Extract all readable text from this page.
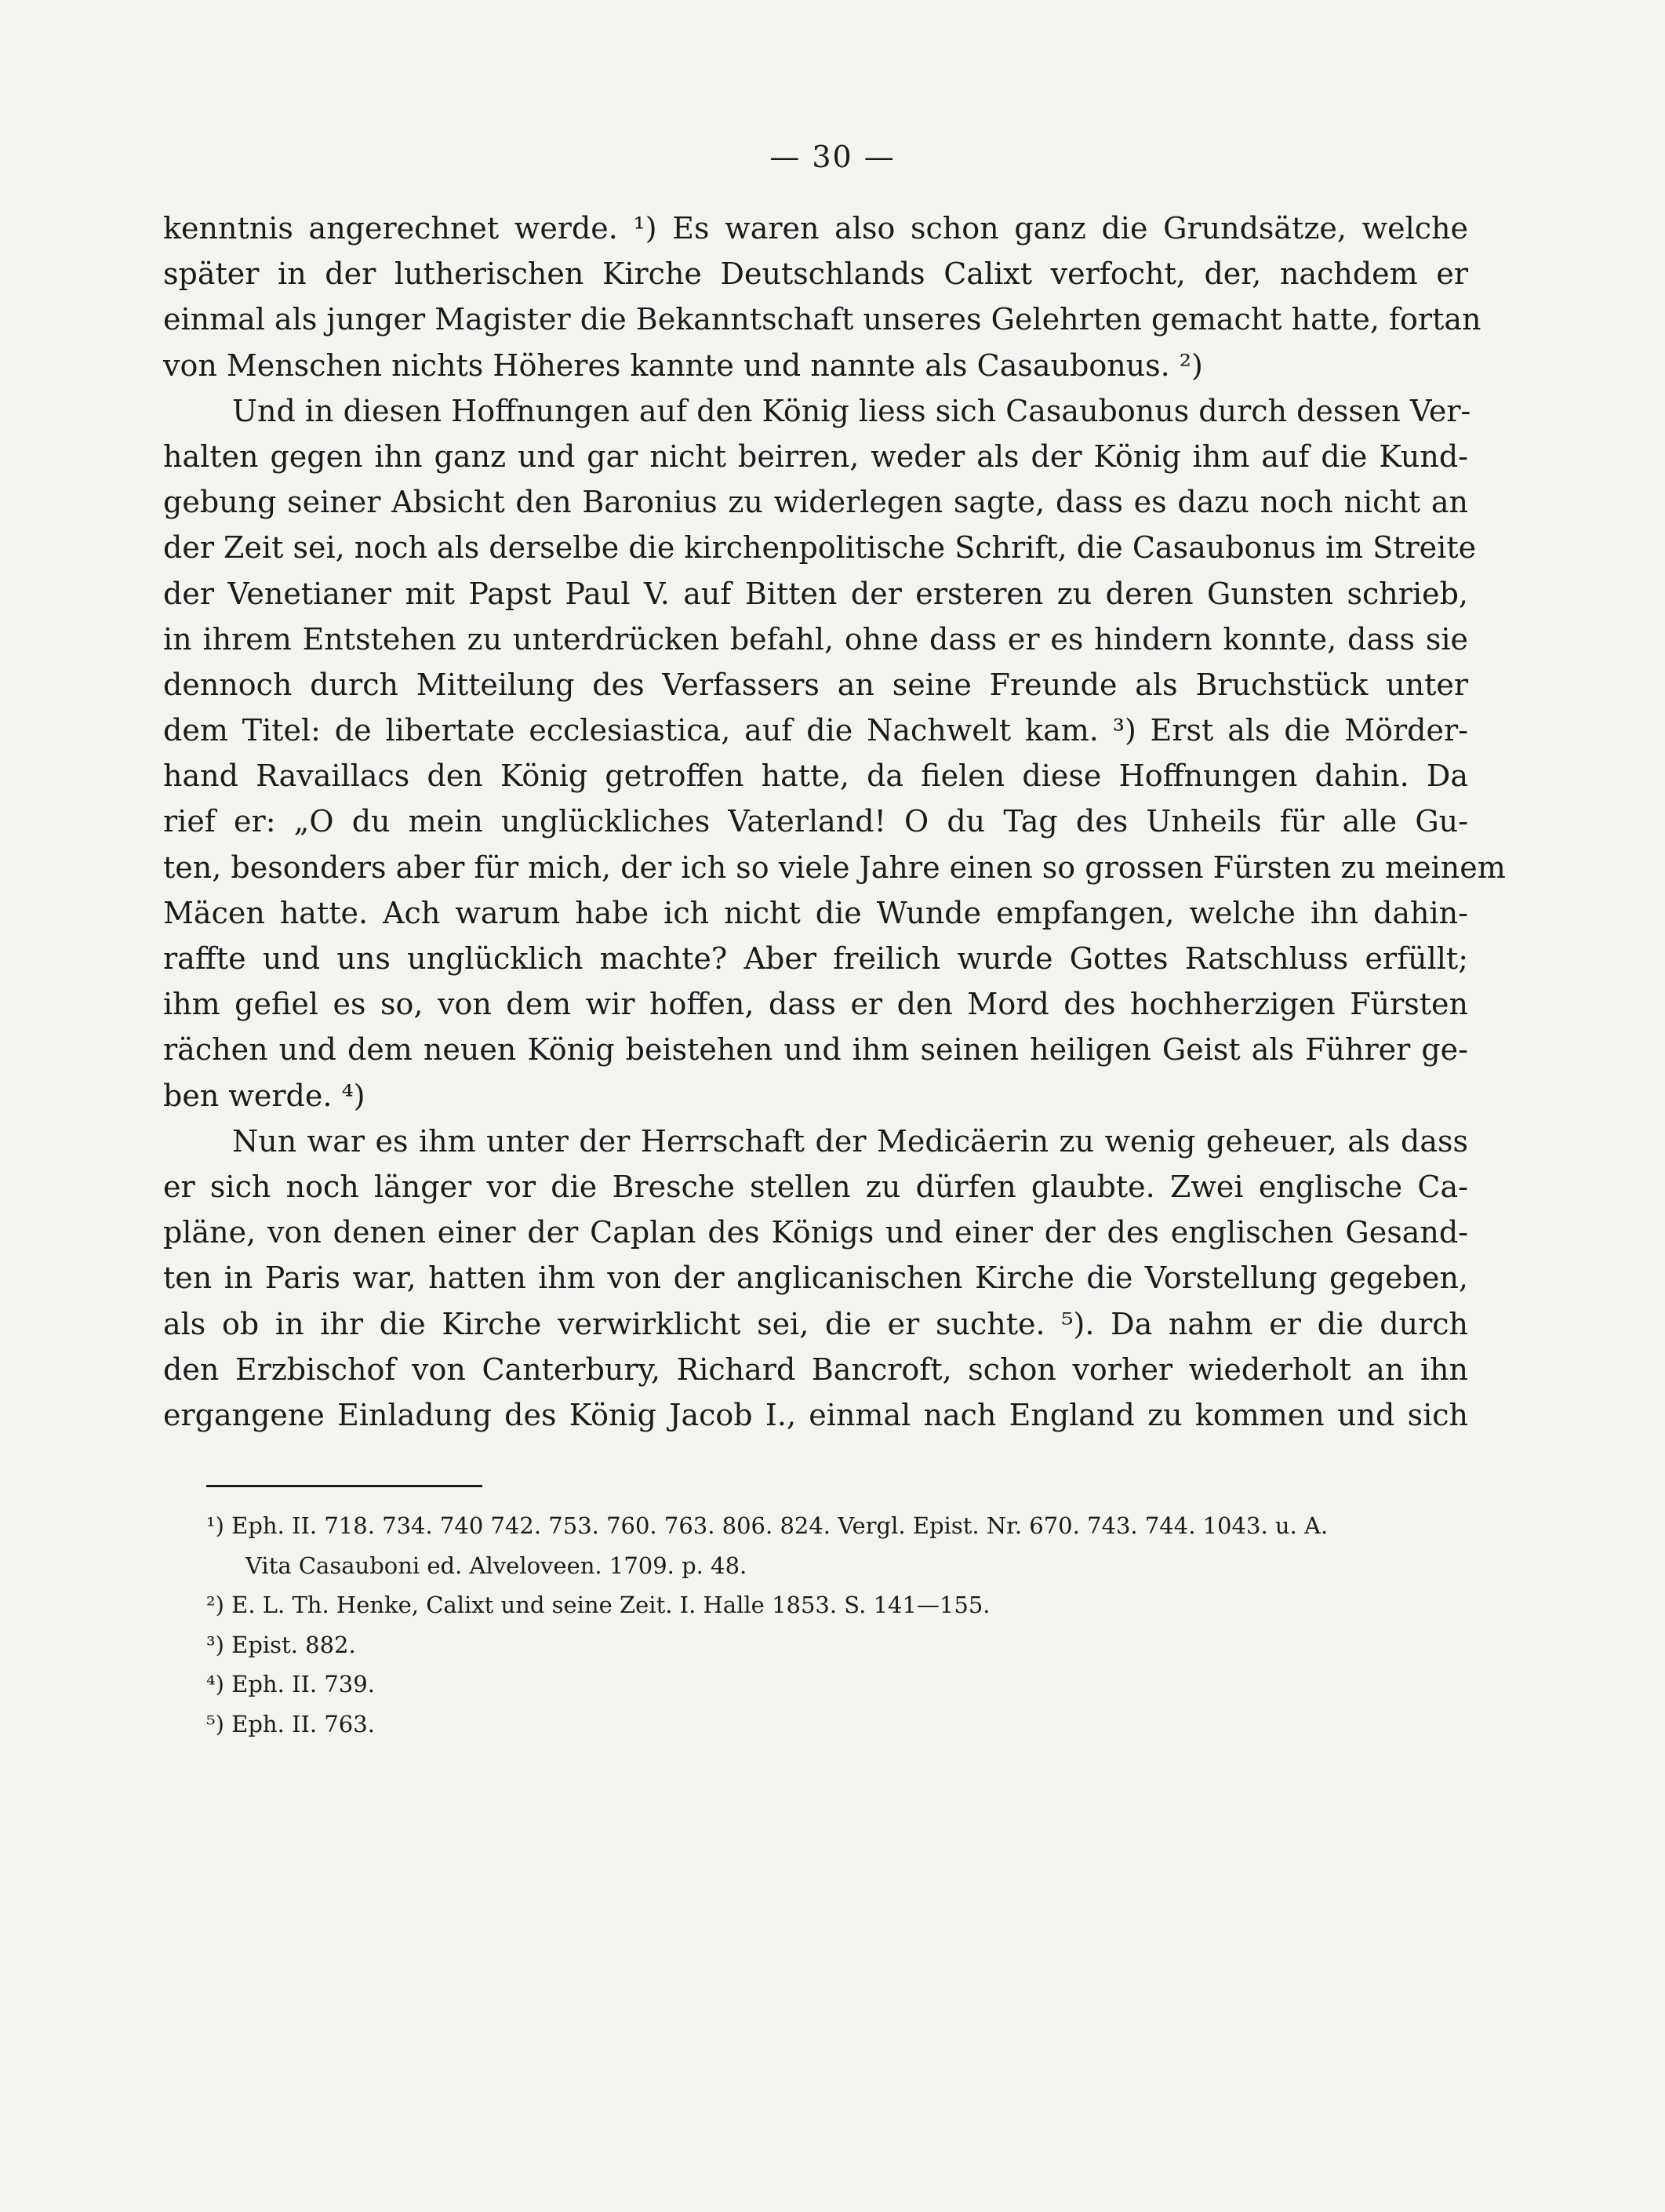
— 30 —
kenntnis angerechnet werde. ¹) Es waren also schon ganz die Grundsätze, welche
später in der lutherischen Kirche Deutschlands Calixt verfocht, der, nachdem er
einmal als junger Magister die Bekanntschaft unseres Gelehrten gemacht hatte, fortan
von Menschen nichts Höheres kannte und nannte als Casaubonus. ²)
Und in diesen Hoffnungen auf den König liess sich Casaubonus durch dessen Ver-
halten gegen ihn ganz und gar nicht beirren, weder als der König ihm auf die Kund-
gebung seiner Absicht den Baronius zu widerlegen sagte, dass es dazu noch nicht an
der Zeit sei, noch als derselbe die kirchenpolitische Schrift, die Casaubonus im Streite
der Venetianer mit Papst Paul V. auf Bitten der ersteren zu deren Gunsten schrieb,
in ihrem Entstehen zu unterdrücken befahl, ohne dass er es hindern konnte, dass sie
dennoch durch Mitteilung des Verfassers an seine Freunde als Bruchstück unter
dem Titel: de libertate ecclesiastica, auf die Nachwelt kam. ³) Erst als die Mörder-
hand Ravaillacs den König getroffen hatte, da fielen diese Hoffnungen dahin. Da
rief er: „O du mein unglückliches Vaterland! O du Tag des Unheils für alle Gu-
ten, besonders aber für mich, der ich so viele Jahre einen so grossen Fürsten zu meinem
Mäcen hatte. Ach warum habe ich nicht die Wunde empfangen, welche ihn dahin-
raffte und uns unglücklich machte? Aber freilich wurde Gottes Ratschluss erfüllt;
ihm gefiel es so, von dem wir hoffen, dass er den Mord des hochherzigen Fürsten
rächen und dem neuen König beistehen und ihm seinen heiligen Geist als Führer ge-
ben werde. ⁴)
Nun war es ihm unter der Herrschaft der Medicäerin zu wenig geheuer, als dass
er sich noch länger vor die Bresche stellen zu dürfen glaubte. Zwei englische Ca-
pläne, von denen einer der Caplan des Königs und einer der des englischen Gesand-
ten in Paris war, hatten ihm von der anglicanischen Kirche die Vorstellung gegeben,
als ob in ihr die Kirche verwirklicht sei, die er suchte. ⁵). Da nahm er die durch
den Erzbischof von Canterbury, Richard Bancroft, schon vorher wiederholt an ihn
ergangene Einladung des König Jacob I., einmal nach England zu kommen und sich
¹) Eph. II. 718. 734. 740 742. 753. 760. 763. 806. 824. Vergl. Epist. Nr. 670. 743. 744. 1043. u. A.
Vita Casauboni ed. Alveloveen. 1709. p. 48.
²) E. L. Th. Henke, Calixt und seine Zeit. I. Halle 1853. S. 141—155.
³) Epist. 882.
⁴) Eph. II. 739.
⁵) Eph. II. 763.
